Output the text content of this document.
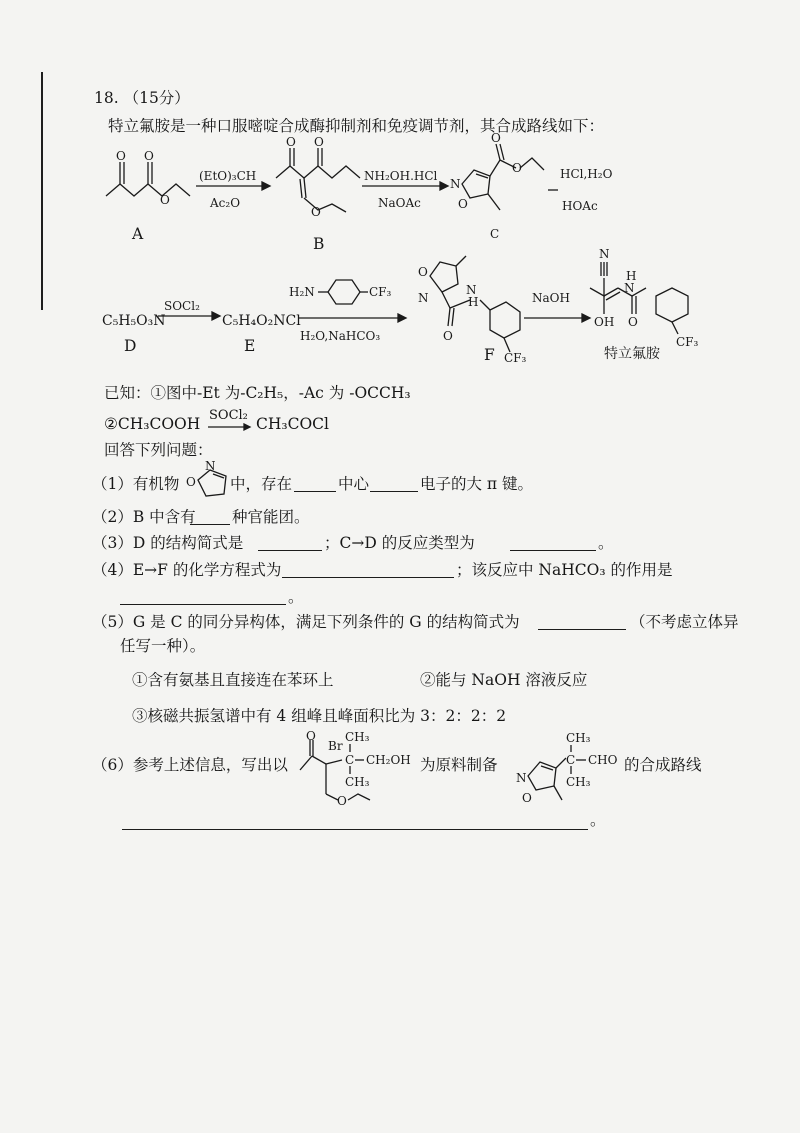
18. （15分）
特立氟胺是一种口服嘧啶合成酶抑制剂和免疫调节剂，其合成路线如下：
O O
O
(EtO)₃CH
Ac₂O
O O
O
NH₂OH.HCl
NaOAc
N
O
O
O
C
HCl,H₂O
HOAc
A
B
C₅H₅O₃N
D
C₅H₄O₂NCl
E	F	特立氟胺
SOCl₂
H₂N	CF₃
H₂O,NaHCO₃
O
N
O
N
H
CF₃
NaOH
N
OH O
N
H
CF₃
已知：①图中-Et 为-C₂H₅，-Ac 为 -OCCH₃
②CH₃COOH SOCl₂ CH₃COCl
回答下列问题：
（1）有机物
N
O 中，存在	中心	电子的大 π 键。
（2）B 中含有 种官能团。
（3）D 的结构简式是	；C→D 的反应类型为	。
（4）E→F 的化学方程式为	；该反应中 NaHCO₃ 的作用是
。
（5）G 是 C 的同分异构体，满足下列条件的 G 的结构简式为	（不考虑立体异
任写一种）。
①含有氨基且直接连在苯环上	②能与 NaOH 溶液反应
③核磁共振氢谱中有 4 组峰且峰面积比为 3：2：2：2
（6）参考上述信息，写出以
O
Br
CH₃
C CH₂OH
CH₃
O
为原料制备
N
O
CH₃
C CHO
CH₃
的合成路线
。
